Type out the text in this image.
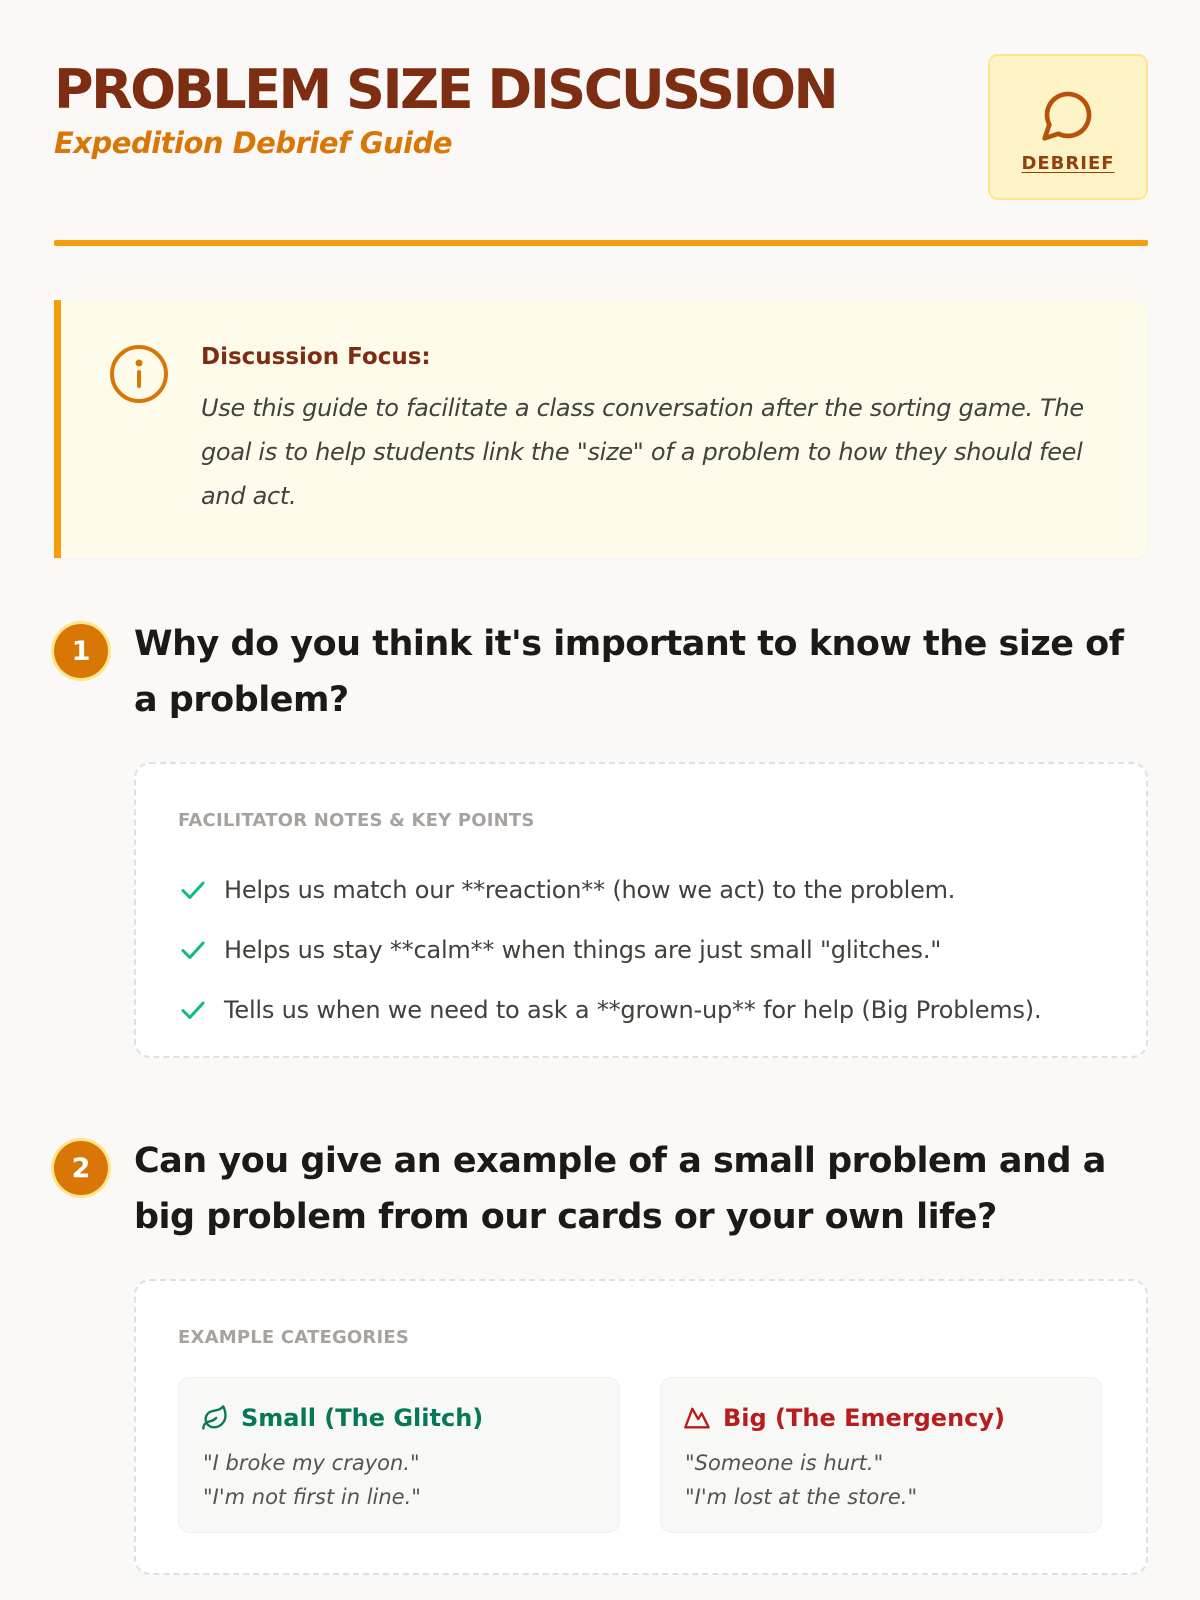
PROBLEM SIZE DISCUSSION
Expedition Debrief Guide
DEBRIEF
Discussion Focus:

Use this guide to facilitate a class conversation after the sorting game. The goal is to help students link the "size" of a problem to how they should feel and act.

1	Why do you think it's important to know the size of a problem?
FACILITATOR NOTES & KEY POINTS
Helps us match our **reaction** (how we act) to the problem.
Helps us stay **calm** when things are just small "glitches."
Tells us when we need to ask a **grown-up** for help (Big Problems).
2	Can you give an example of a small problem and a big problem from our cards or your own life?
EXAMPLE CATEGORIES
Small (The Glitch)
"I broke my crayon."
"I'm not first in line."
Big (The Emergency)
"Someone is hurt."
"I'm lost at the store."
